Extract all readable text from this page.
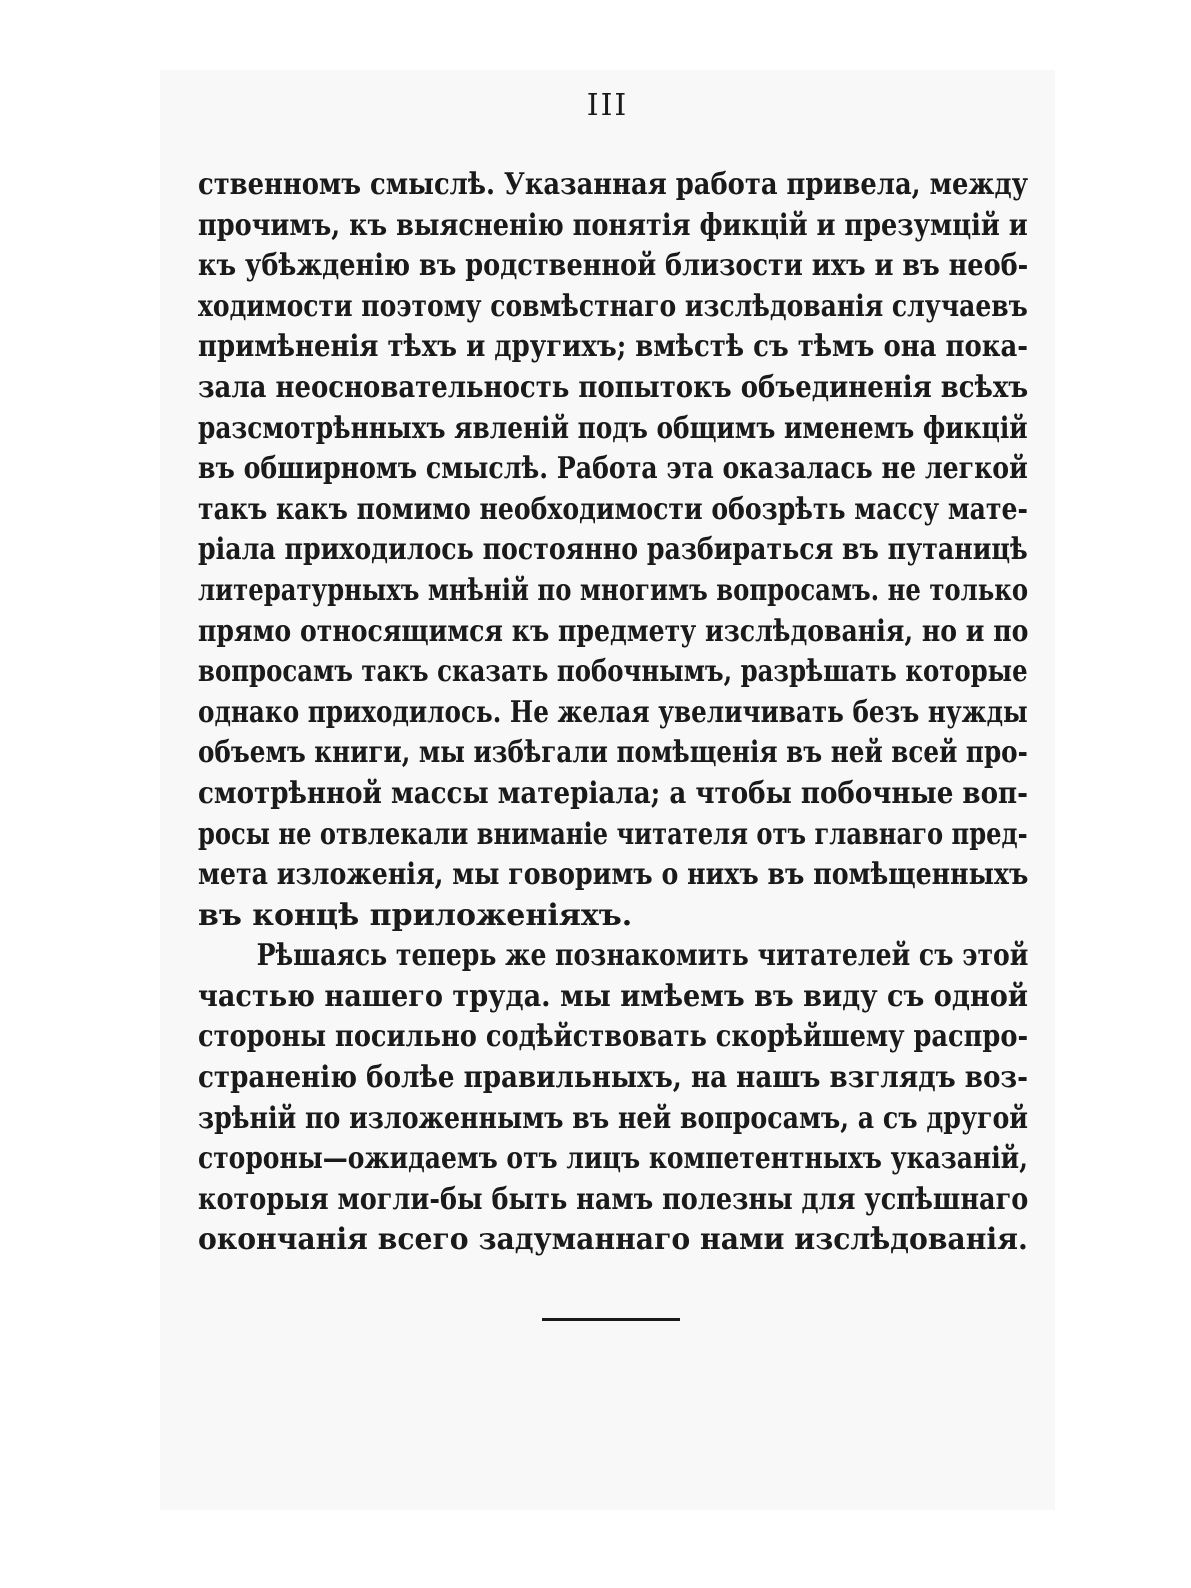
III
ственномъ смыслѣ. Указанная работа привела, между
прочимъ, къ выясненію понятія фикцій и презумцій и
къ убѣжденію въ родственной близости ихъ и въ необ-
ходимости поэтому совмѣстнаго изслѣдованія случаевъ
примѣненія тѣхъ и другихъ; вмѣстѣ съ тѣмъ она пока-
зала неосновательность попытокъ объединенія всѣхъ
разсмотрѣнныхъ явленій подъ общимъ именемъ фикцій
въ обширномъ смыслѣ. Работа эта оказалась не легкой
такъ какъ помимо необходимости обозрѣть массу мате-
ріала приходилось постоянно разбираться въ путаницѣ
литературныхъ мнѣній по многимъ вопросамъ. не только
прямо относящимся къ предмету изслѣдованія, но и по
вопросамъ такъ сказать побочнымъ, разрѣшать которые
однако приходилось. Не желая увеличивать безъ нужды
объемъ книги, мы избѣгали помѣщенія въ ней всей про-
смотрѣнной массы матеріала; а чтобы побочные воп-
росы не отвлекали вниманіе читателя отъ главнаго пред-
мета изложенія, мы говоримъ о нихъ въ помѣщенныхъ
въ концѣ приложеніяхъ.
Рѣшаясь теперь же познакомить читателей съ этой
частью нашего труда. мы имѣемъ въ виду съ одной
стороны посильно содѣйствовать скорѣйшему распро-
страненію болѣе правильныхъ, на нашъ взглядъ воз-
зрѣній по изложеннымъ въ ней вопросамъ, а съ другой
стороны—ожидаемъ отъ лицъ компетентныхъ указаній,
которыя могли-бы быть намъ полезны для успѣшнаго
окончанія всего задуманнаго нами изслѣдованія.
